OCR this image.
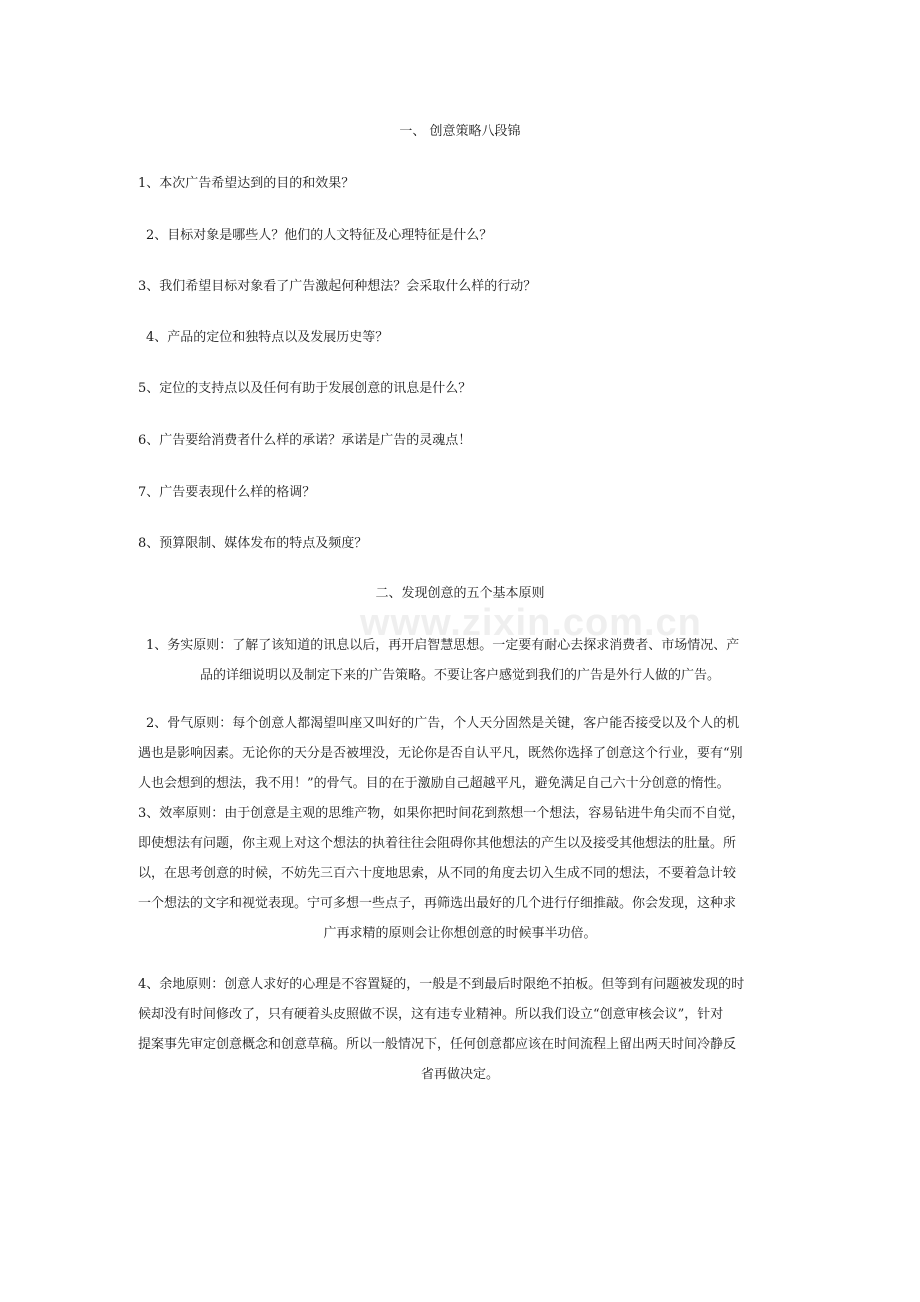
一、 创意策略八段锦
1、本次广告希望达到的目的和效果？
2、目标对象是哪些人？他们的人文特征及心理特征是什么？
3、我们希望目标对象看了广告激起何种想法？会采取什么样的行动？
4、产品的定位和独特点以及发展历史等？
5、定位的支持点以及任何有助于发展创意的讯息是什么？
6、广告要给消费者什么样的承诺？承诺是广告的灵魂点！
7、广告要表现什么样的格调？
8、预算限制、媒体发布的特点及频度？
二、发现创意的五个基本原则
www.zixin.com.cn
1、务实原则：了解了该知道的讯息以后，再开启智慧思想。一定要有耐心去探求消费者、市场情况、产
品的详细说明以及制定下来的广告策略。不要让客户感觉到我们的广告是外行人做的广告。
2、骨气原则：每个创意人都渴望叫座又叫好的广告，个人天分固然是关键，客户能否接受以及个人的机
遇也是影响因素。无论你的天分是否被埋没，无论你是否自认平凡，既然你选择了创意这个行业，要有“别
人也会想到的想法，我不用！”的骨气。目的在于激励自己超越平凡，避免满足自己六十分创意的惰性。
3、效率原则：由于创意是主观的思维产物，如果你把时间花到熬想一个想法，容易钻进牛角尖而不自觉，
即使想法有问题，你主观上对这个想法的执着往往会阻碍你其他想法的产生以及接受其他想法的肚量。所
以，在思考创意的时候，不妨先三百六十度地思索，从不同的角度去切入生成不同的想法，不要着急计较
一个想法的文字和视觉表现。宁可多想一些点子，再筛选出最好的几个进行仔细推敲。你会发现，这种求
广再求精的原则会让你想创意的时候事半功倍。
4、余地原则：创意人求好的心理是不容置疑的，一般是不到最后时限绝不拍板。但等到有问题被发现的时
候却没有时间修改了，只有硬着头皮照做不误，这有违专业精神。所以我们设立“创意审核会议”，针对
提案事先审定创意概念和创意草稿。所以一般情况下，任何创意都应该在时间流程上留出两天时间冷静反
省再做决定。
